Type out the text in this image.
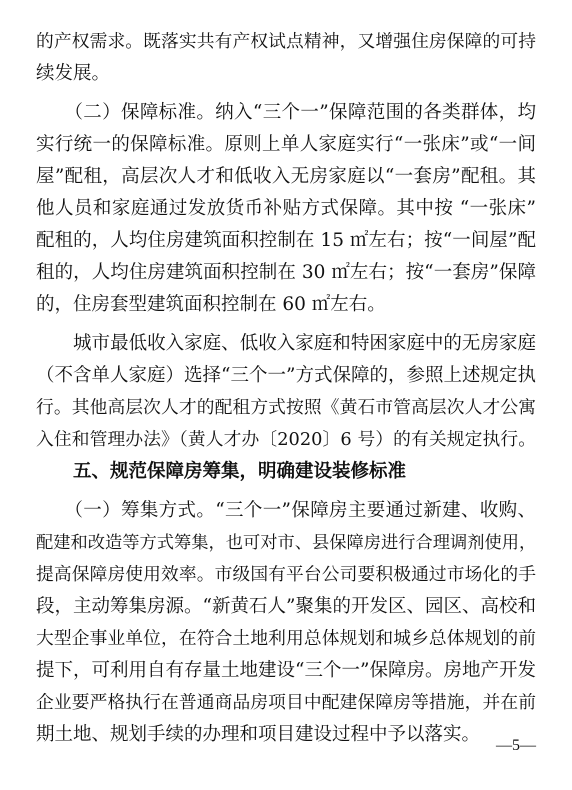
的产权需求。既落实共有产权试点精神，又增强住房保障的可持
续发展。
　　（二）保障标准。纳入“三个一”保障范围的各类群体，均
实行统一的保障标准。原则上单人家庭实行“一张床”或“一间
屋”配租，高层次人才和低收入无房家庭以“一套房”配租。其
他人员和家庭通过发放货币补贴方式保障。其中按 “一张床”
配租的，人均住房建筑面积控制在 15 ㎡左右；按“一间屋”配
租的，人均住房建筑面积控制在 30 ㎡左右；按“一套房”保障
的，住房套型建筑面积控制在 60 ㎡左右。
　　城市最低收入家庭、低收入家庭和特困家庭中的无房家庭
（不含单人家庭）选择“三个一”方式保障的，参照上述规定执
行。其他高层次人才的配租方式按照《黄石市管高层次人才公寓
入住和管理办法》（黄人才办〔2020〕6 号）的有关规定执行。
　　五、规范保障房筹集，明确建设装修标准
　　（一）筹集方式。“三个一”保障房主要通过新建、收购、
配建和改造等方式筹集，也可对市、县保障房进行合理调剂使用，
提高保障房使用效率。市级国有平台公司要积极通过市场化的手
段，主动筹集房源。“新黄石人”聚集的开发区、园区、高校和
大型企事业单位，在符合土地利用总体规划和城乡总体规划的前
提下，可利用自有存量土地建设“三个一”保障房。房地产开发
企业要严格执行在普通商品房项目中配建保障房等措施，并在前
期土地、规划手续的办理和项目建设过程中予以落实。
—5—
